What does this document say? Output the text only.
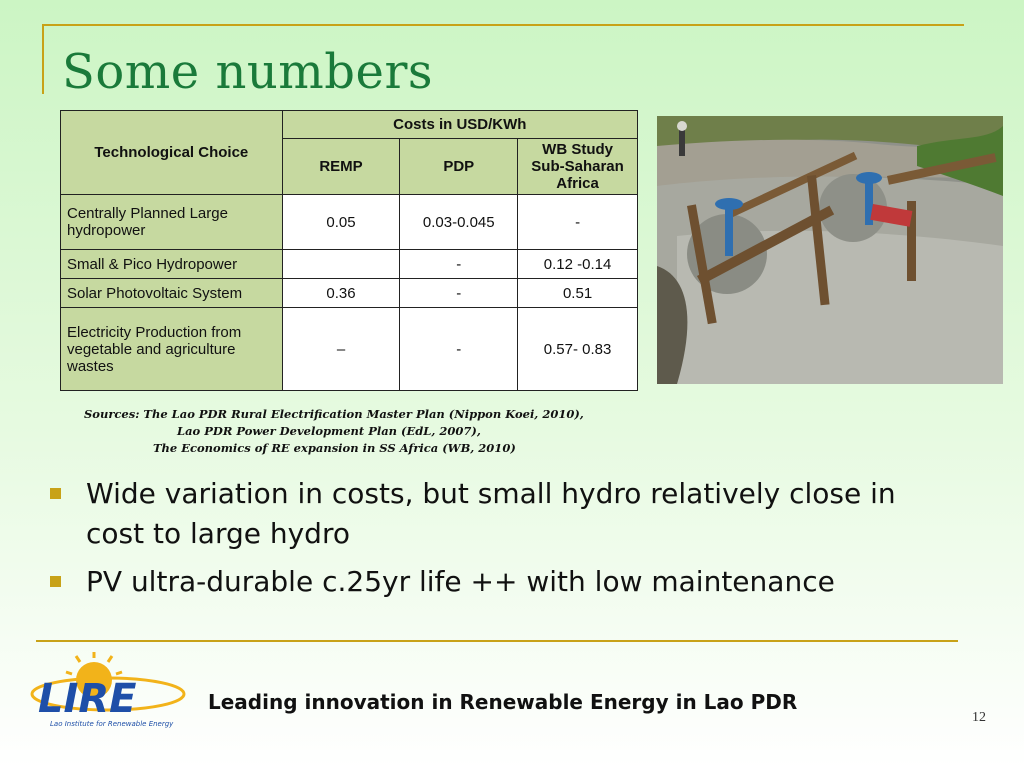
Some numbers
Technological Choice	Costs in USD/KWh		
	REMP	PDP	WB Study Sub-Saharan Africa
Centrally Planned Large hydropower	0.05	0.03-0.045	-
Small & Pico Hydropower		-	0.12 -0.14
Solar Photovoltaic System	0.36	-	0.51
Electricity Production from vegetable and agriculture wastes	–	-	0.57- 0.83
Sources: The Lao PDR Rural Electrification Master Plan (Nippon Koei, 2010),
Lao PDR Power Development Plan (EdL, 2007),
The Economics of RE expansion in SS Africa (WB, 2010)
Wide variation in costs, but small hydro relatively close in cost to large hydro
PV ultra-durable c.25yr life ++ with low maintenance
LIRE
Lao Institute for Renewable Energy
Leading innovation in Renewable Energy in Lao PDR
12
